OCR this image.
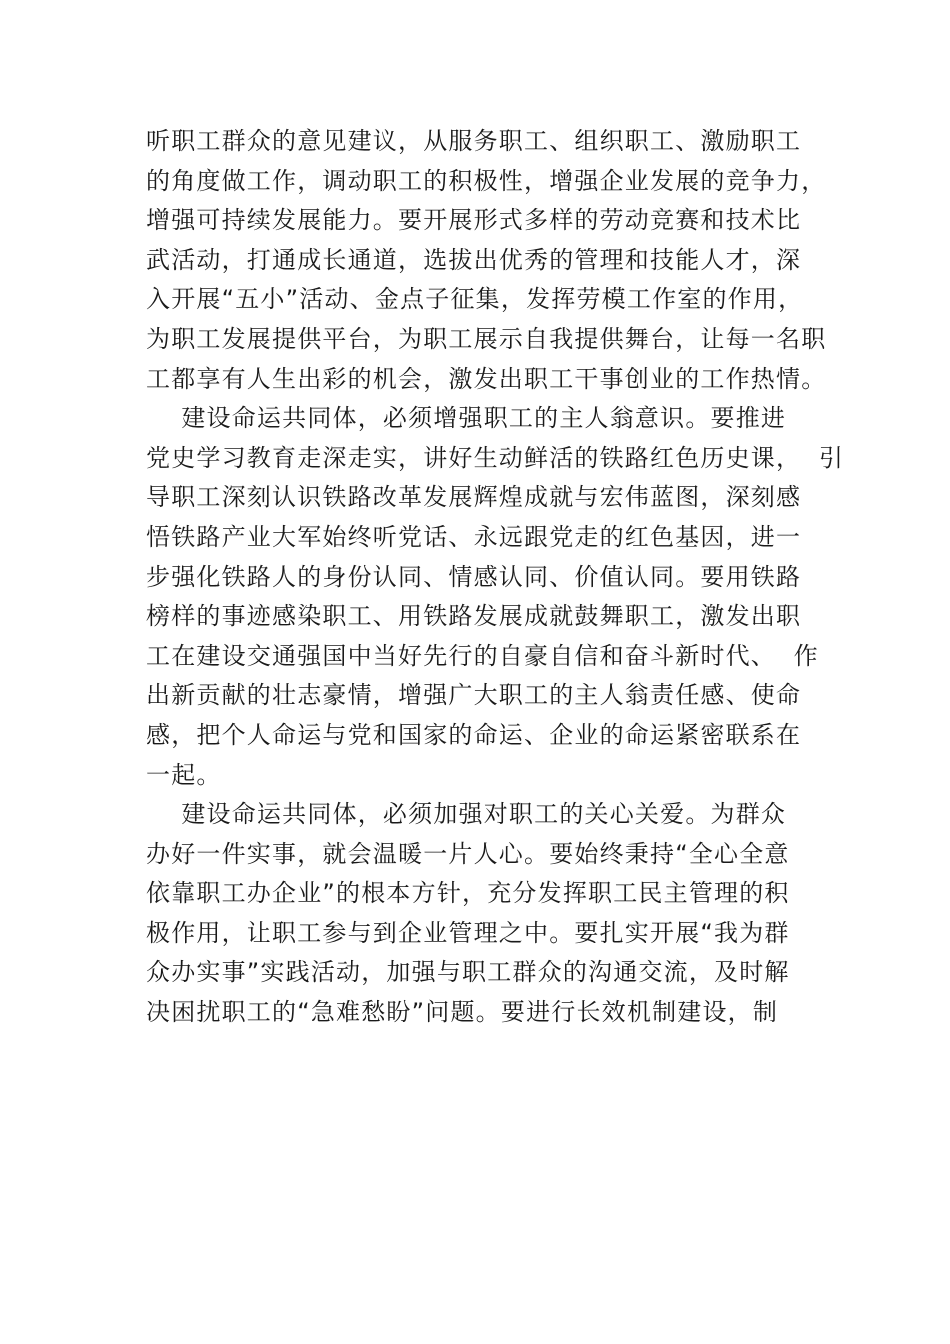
听职工群众的意见建议，从服务职工、组织职工、激励职工
的角度做工作，调动职工的积极性，增强企业发展的竞争力，
增强可持续发展能力。要开展形式多样的劳动竞赛和技术比
武活动，打通成长通道，选拔出优秀的管理和技能人才，深
入开展“五小”活动、金点子征集，发挥劳模工作室的作用，
为职工发展提供平台，为职工展示自我提供舞台，让每一名职
工都享有人生出彩的机会，激发出职工干事创业的工作热情。
建设命运共同体，必须增强职工的主人翁意识。要推进
党史学习教育走深走实，讲好生动鲜活的铁路红色历史课，  引
导职工深刻认识铁路改革发展辉煌成就与宏伟蓝图，深刻感
悟铁路产业大军始终听党话、永远跟党走的红色基因，进一
步强化铁路人的身份认同、情感认同、价值认同。要用铁路
榜样的事迹感染职工、用铁路发展成就鼓舞职工，激发出职
工在建设交通强国中当好先行的自豪自信和奋斗新时代、  作
出新贡献的壮志豪情，增强广大职工的主人翁责任感、使命
感，把个人命运与党和国家的命运、企业的命运紧密联系在
一起。
建设命运共同体，必须加强对职工的关心关爱。为群众
办好一件实事，就会温暖一片人心。要始终秉持“全心全意
依靠职工办企业”的根本方针，充分发挥职工民主管理的积
极作用，让职工参与到企业管理之中。要扎实开展“我为群
众办实事”实践活动，加强与职工群众的沟通交流，及时解
决困扰职工的“急难愁盼”问题。要进行长效机制建设，制
